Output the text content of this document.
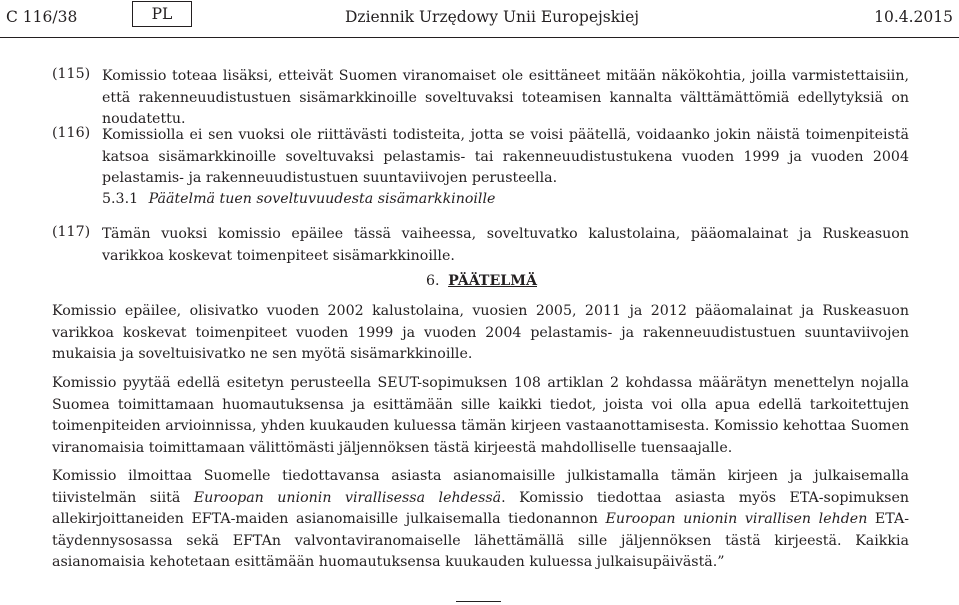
C 116/38	PL	Dziennik Urzędowy Unii Europejskiej	10.4.2015
(115) Komissio toteaa lisäksi, etteivät Suomen viranomaiset ole esittäneet mitään näkökohtia, joilla varmistettaisiin, että rakenneuudistustuen sisämarkkinoille soveltuvaksi toteamisen kannalta välttämättömiä edellytyksiä on noudatettu.
(116) Komissiolla ei sen vuoksi ole riittävästi todisteita, jotta se voisi päätellä, voidaanko jokin näistä toimenpiteistä katsoa sisämarkkinoille soveltuvaksi pelastamis- tai rakenneuudistustukena vuoden 1999 ja vuoden 2004 pelastamis- ja rakenneuudistustuen suuntaviivojen perusteella.
5.3.1 Päätelmä tuen soveltuvuudesta sisämarkkinoille
(117) Tämän vuoksi komissio epäilee tässä vaiheessa, soveltuvatko kalustolaina, pääomalainat ja Ruskeasuon varikkoa koskevat toimenpiteet sisämarkkinoille.
6. PÄÄTELMÄ
Komissio epäilee, olisivatko vuoden 2002 kalustolaina, vuosien 2005, 2011 ja 2012 pääomalainat ja Ruskeasuon varikkoa koskevat toimenpiteet vuoden 1999 ja vuoden 2004 pelastamis- ja rakenneuudistustuen suuntaviivojen mukaisia ja soveltuisivatko ne sen myötä sisämarkkinoille.
Komissio pyytää edellä esitetyn perusteella SEUT-sopimuksen 108 artiklan 2 kohdassa määrätyn menettelyn nojalla Suomea toimittamaan huomautuksensa ja esittämään sille kaikki tiedot, joista voi olla apua edellä tarkoitettujen toimenpiteiden arvioinnissa, yhden kuukauden kuluessa tämän kirjeen vastaanottamisesta. Komissio kehottaa Suomen viranomaisia toimittamaan välittömästi jäljennöksen tästä kirjeestä mahdolliselle tuensaajalle.
Komissio ilmoittaa Suomelle tiedottavansa asiasta asianomaisille julkistamalla tämän kirjeen ja julkaisemalla tiivistelmän siitä Euroopan unionin virallisessa lehdessä. Komissio tiedottaa asiasta myös ETA-sopimuksen allekirjoittaneiden EFTA-maiden asianomaisille julkaisemalla tiedonannon Euroopan unionin virallisen lehden ETA-täydennysosassa sekä EFTAn valvontaviranomaiselle lähettämällä sille jäljennöksen tästä kirjeestä. Kaikkia asianomaisia kehotetaan esittämään huomautuksensa kuukauden kuluessa julkaisupäivästä.”
